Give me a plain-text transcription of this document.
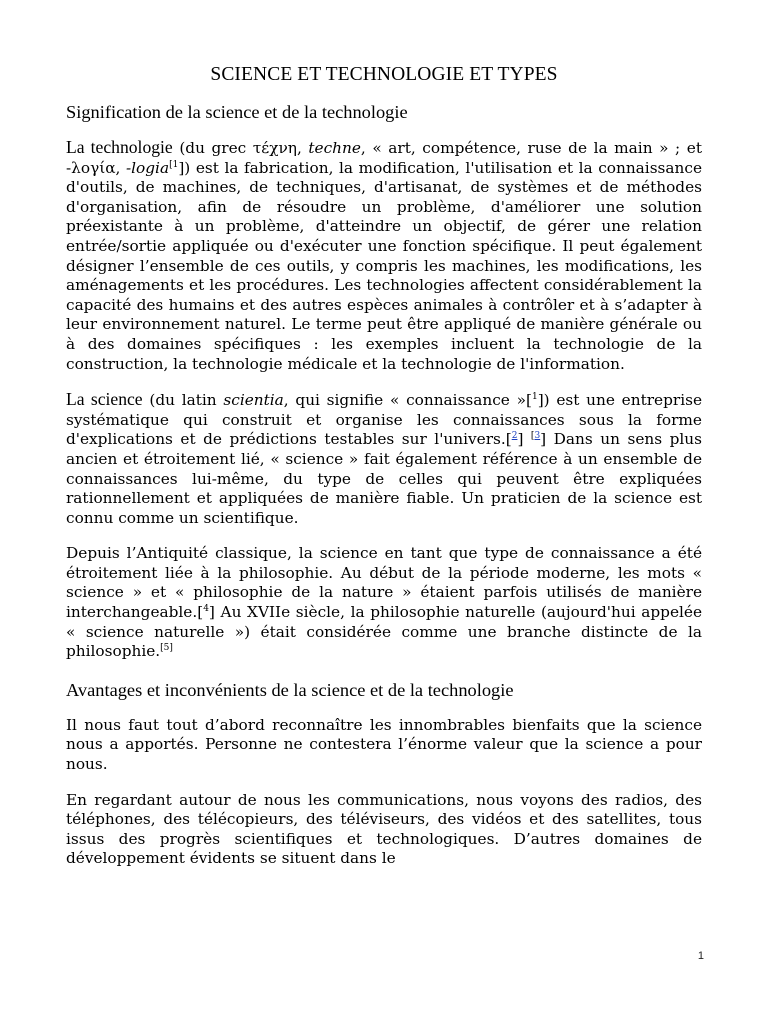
SCIENCE ET TECHNOLOGIE ET TYPES
Signification de la science et de la technologie

La technologie (du grec τέχνη, techne, « art, compétence, ruse de la main » ; et -λογία, -logia$^{[1}$]) est la fabrication, la modification, l'utilisation et la connaissance d'outils, de machines, de techniques, d'artisanat, de systèmes et de méthodes d'organisation, afin de résoudre un problème, d'améliorer une solution préexistante à un problème, d'atteindre un objectif, de gérer une relation entrée/sortie appliquée ou d'exécuter une fonction spécifique. Il peut également désigner l’ensemble de ces outils, y compris les machines, les modifications, les aménagements et les procédures. Les technologies affectent considérablement la capacité des humains et des autres espèces animales à contrôler et à s’adapter à leur environnement naturel. Le terme peut être appliqué de manière générale ou à des domaines spécifiques : les exemples incluent la technologie de la construction, la technologie médicale et la technologie de l'information.

La science (du latin scientia, qui signifie « connaissance »[$^1$]) est une entreprise systématique qui construit et organise les connaissances sous la forme d'explications et de prédictions testables sur l'univers.[$^2$] $^{[3}$] Dans un sens plus ancien et étroitement lié, « science » fait également référence à un ensemble de connaissances lui-même, du type de celles qui peuvent être expliquées rationnellement et appliquées de manière fiable. Un praticien de la science est connu comme un scientifique.

Depuis l’Antiquité classique, la science en tant que type de connaissance a été étroitement liée à la philosophie. Au début de la période moderne, les mots « science » et « philosophie de la nature » étaient parfois utilisés de manière interchangeable.[$^4$] Au XVIIe siècle, la philosophie naturelle (aujourd'hui appelée « science naturelle ») était considérée comme une branche distincte de la philosophie.[5]

Avantages et inconvénients de la science et de la technologie

Il nous faut tout d’abord reconnaître les innombrables bienfaits que la science nous a apportés. Personne ne contestera l’énorme valeur que la science a pour nous.

En regardant autour de nous les communications, nous voyons des radios, des téléphones, des télécopieurs, des téléviseurs, des vidéos et des satellites, tous issus des progrès scientifiques et technologiques. D’autres domaines de développement évidents se situent dans le

1
